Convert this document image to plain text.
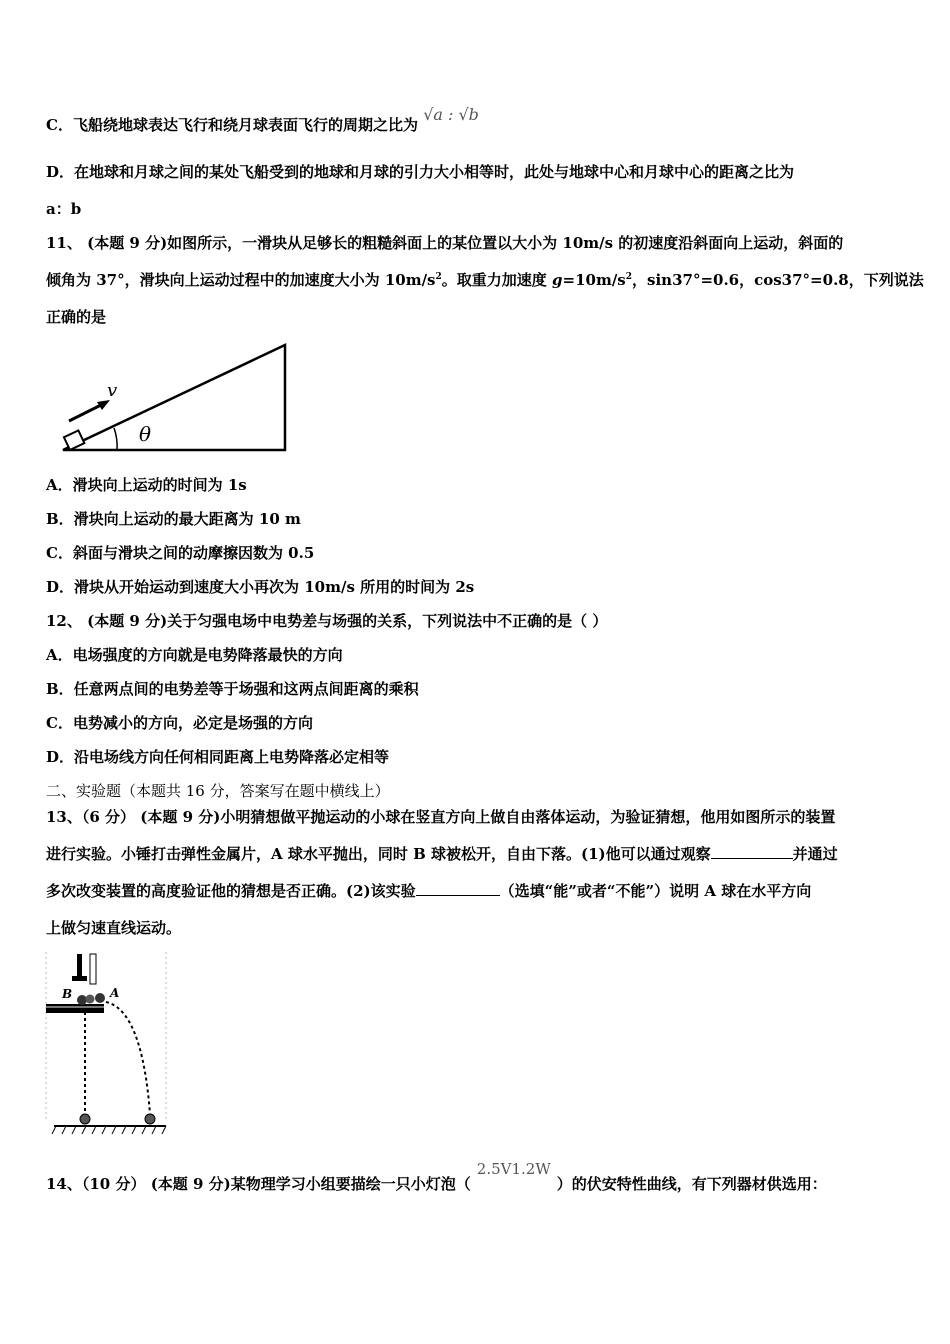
C．飞船绕地球表达飞行和绕月球表面飞行的周期之比为 √a : √b
D．在地球和月球之间的某处飞船受到的地球和月球的引力大小相等时，此处与地球中心和月球中心的距离之比为
a：b
11、 (本题 9 分)如图所示，一滑块从足够长的粗糙斜面上的某位置以大小为 10m/s 的初速度沿斜面向上运动，斜面的
倾角为 37°，滑块向上运动过程中的加速度大小为 $10m/s^2$。取重力加速度 $g=10m/s^2$，sin37°=0.6，cos37°=0.8，下列说法
正确的是
v
θ
A．滑块向上运动的时间为 1s
B．滑块向上运动的最大距离为 10 m
C．斜面与滑块之间的动摩擦因数为 0.5
D．滑块从开始运动到速度大小再次为 10m/s 所用的时间为 2s
12、 (本题 9 分)关于匀强电场中电势差与场强的关系，下列说法中不正确的是（ ）
A．电场强度的方向就是电势降落最快的方向
B．任意两点间的电势差等于场强和这两点间距离的乘积
C．电势减小的方向，必定是场强的方向
D．沿电场线方向任何相同距离上电势降落必定相等
二、实验题（本题共 16 分，答案写在题中横线上）
13、（6 分） (本题 9 分)小明猜想做平抛运动的小球在竖直方向上做自由落体运动，为验证猜想，他用如图所示的装置
进行实验。小锤打击弹性金属片，A 球水平抛出，同时 B 球被松开，自由下落。(1)他可以通过观察	并通过
多次改变装置的高度验证他的猜想是否正确。(2)该实验	（选填“能”或者“不能”）说明 A 球在水平方向
上做匀速直线运动。
B	A
14、（10 分） (本题 9 分)某物理学习小组要描绘一只小灯泡（2.5V1.2W）的伏安特性曲线，有下列器材供选用：
